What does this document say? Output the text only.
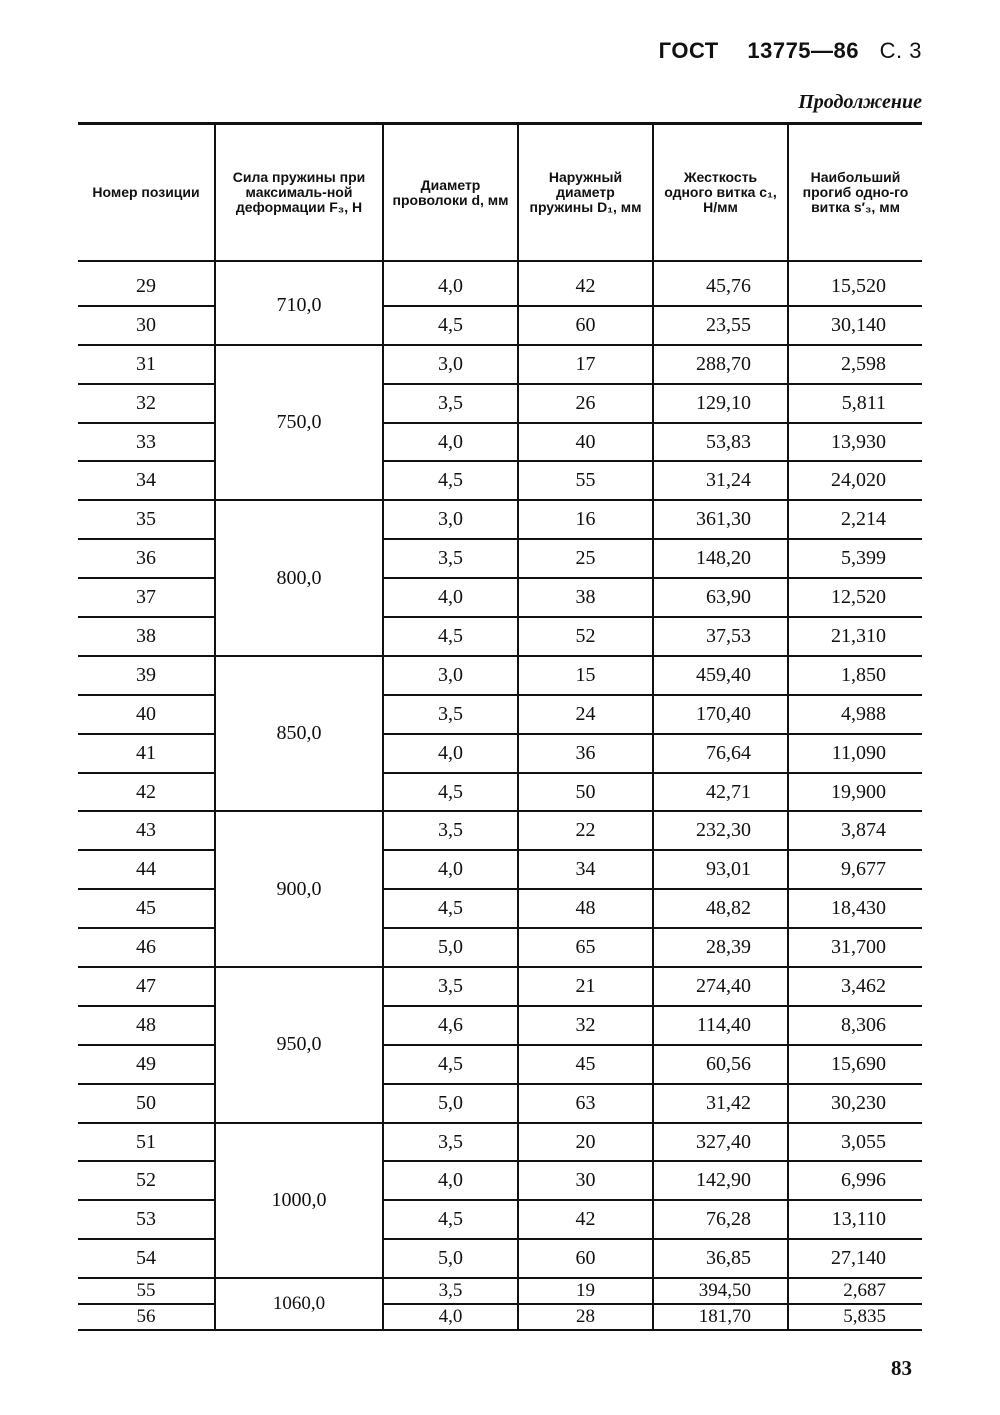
ГОСТ 13775—86 С. 3
Продолжение
Номер позиции	Сила пружины при максималь-ной деформации F₃, Н	Диаметр проволоки d, мм	Наружный диаметр пружины D₁, мм	Жесткость одного витка c₁, Н/мм	Наибольший прогиб одно-го витка s′₃, мм
29	710,0	4,0	42	45,76	15,520
30		4,5	60	23,55	30,140
31	750,0	3,0	17	288,70	2,598
32		3,5	26	129,10	5,811
33		4,0	40	53,83	13,930
34		4,5	55	31,24	24,020
35	800,0	3,0	16	361,30	2,214
36		3,5	25	148,20	5,399
37		4,0	38	63,90	12,520
38		4,5	52	37,53	21,310
39	850,0	3,0	15	459,40	1,850
40		3,5	24	170,40	4,988
41		4,0	36	76,64	11,090
42		4,5	50	42,71	19,900
43	900,0	3,5	22	232,30	3,874
44		4,0	34	93,01	9,677
45		4,5	48	48,82	18,430
46		5,0	65	28,39	31,700
47	950,0	3,5	21	274,40	3,462
48		4,6	32	114,40	8,306
49		4,5	45	60,56	15,690
50		5,0	63	31,42	30,230
51	1000,0	3,5	20	327,40	3,055
52		4,0	30	142,90	6,996
53		4,5	42	76,28	13,110
54		5,0	60	36,85	27,140
55	1060,0	3,5	19	394,50	2,687
56		4,0	28	181,70	5,835
83
